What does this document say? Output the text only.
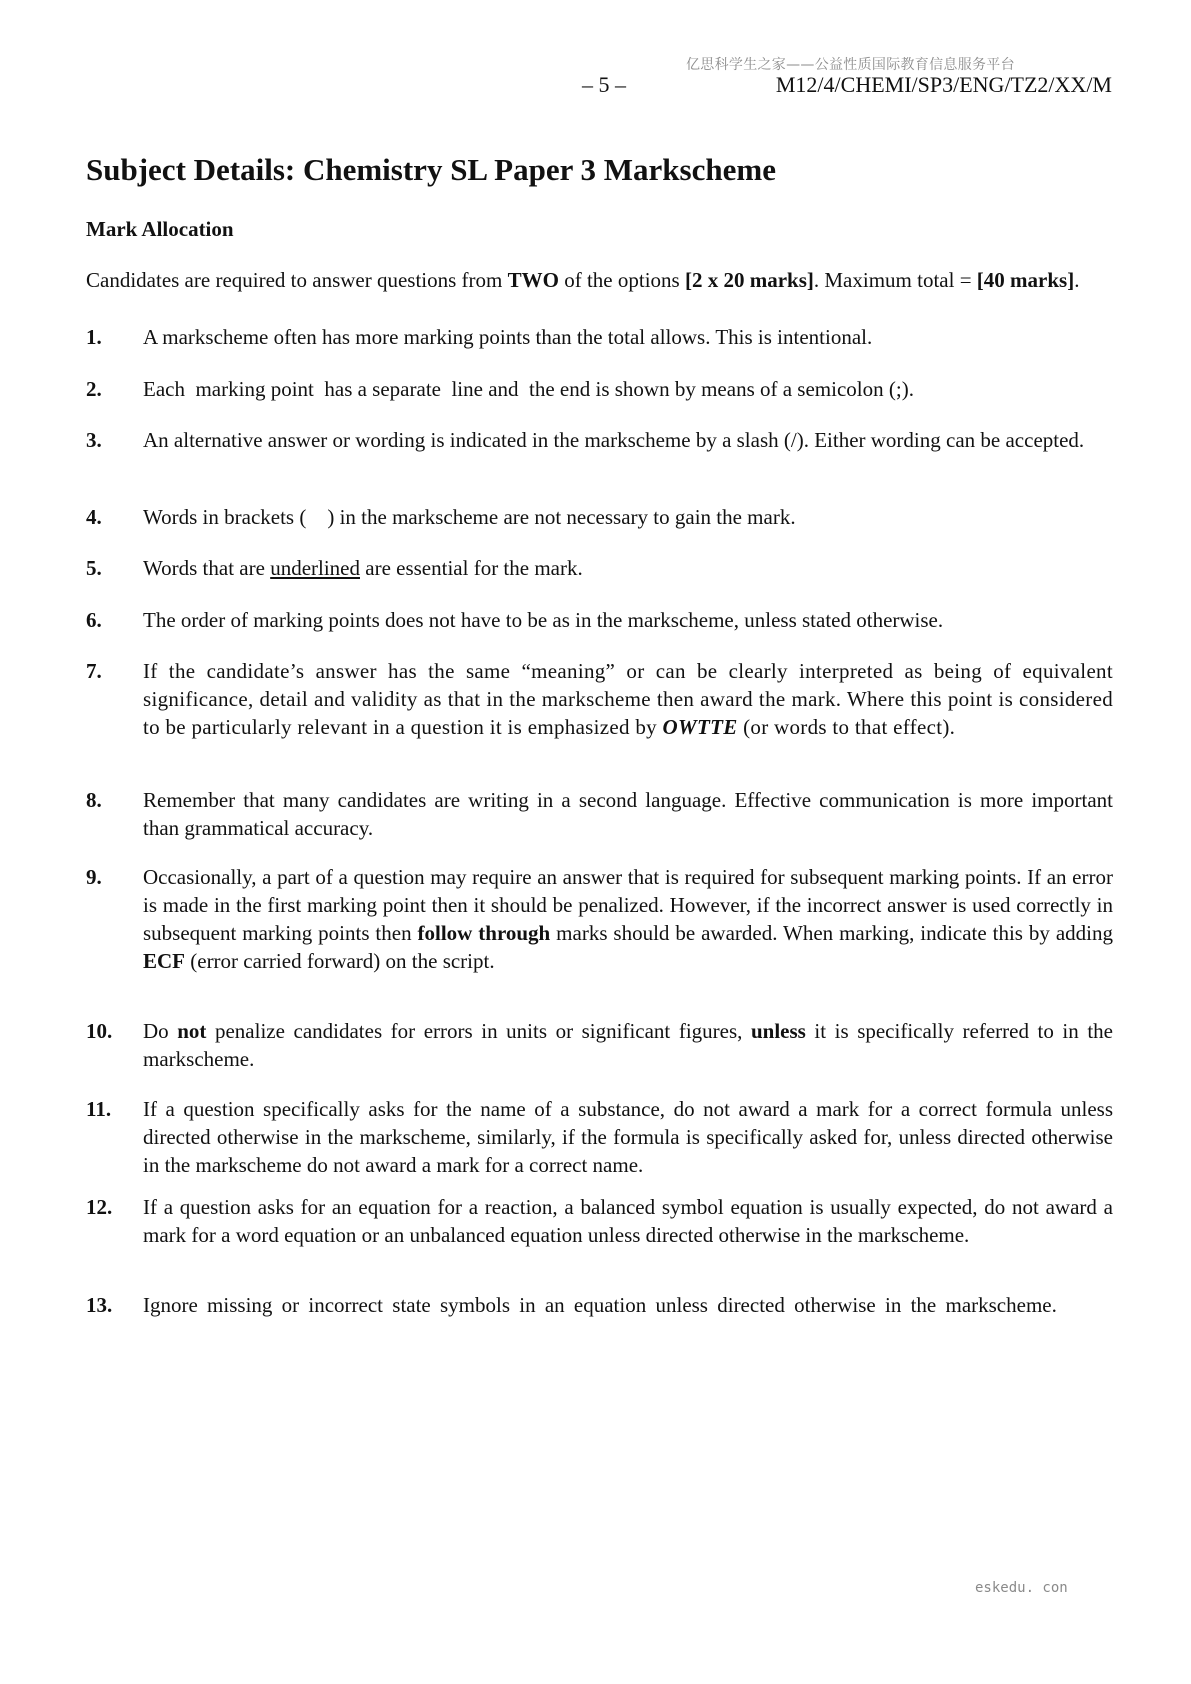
亿思科学生之家——公益性质国际教育信息服务平台
– 5 –	M12/4/CHEMI/SP3/ENG/TZ2/XX/M
Subject Details: Chemistry SL Paper 3 Markscheme
Mark Allocation
Candidates are required to answer questions from TWO of the options [2 x 20 marks]. Maximum total = [40 marks].
1. A markscheme often has more marking points than the total allows. This is intentional.
2. Each  marking point  has a separate  line and  the end is shown by means of a semicolon (;).
3. An alternative answer or wording is indicated in the markscheme by a slash (/). Either wording can be accepted.
4. Words in brackets (    ) in the markscheme are not necessary to gain the mark.
5. Words that are underlined are essential for the mark.
6. The order of marking points does not have to be as in the markscheme, unless stated otherwise.
7. If the candidate’s answer has the same “meaning” or can be clearly interpreted as being of equivalent significance, detail and validity as that in the markscheme then award the mark. Where this point is considered to be particularly relevant in a question it is emphasized by OWTTE (or words to that effect).
8. Remember that many candidates are writing in a second language. Effective communication is more important than grammatical accuracy.
9. Occasionally, a part of a question may require an answer that is required for subsequent marking points. If an error is made in the first marking point then it should be penalized. However, if the incorrect answer is used correctly in subsequent marking points then follow through marks should be awarded. When marking, indicate this by adding ECF (error carried forward) on the script.
10. Do not penalize candidates for errors in units or significant figures, unless it is specifically referred to in the markscheme.
11. If a question specifically asks for the name of a substance, do not award a mark for a correct formula unless directed otherwise in the markscheme, similarly, if the formula is specifically asked for, unless directed otherwise in the markscheme do not award a mark for a correct name.
12. If a question asks for an equation for a reaction, a balanced symbol equation is usually expected, do not award a mark for a word equation or an unbalanced equation unless directed otherwise in the markscheme.
13. Ignore missing or incorrect state symbols in an equation unless directed otherwise in the markscheme.
eskedu. con
